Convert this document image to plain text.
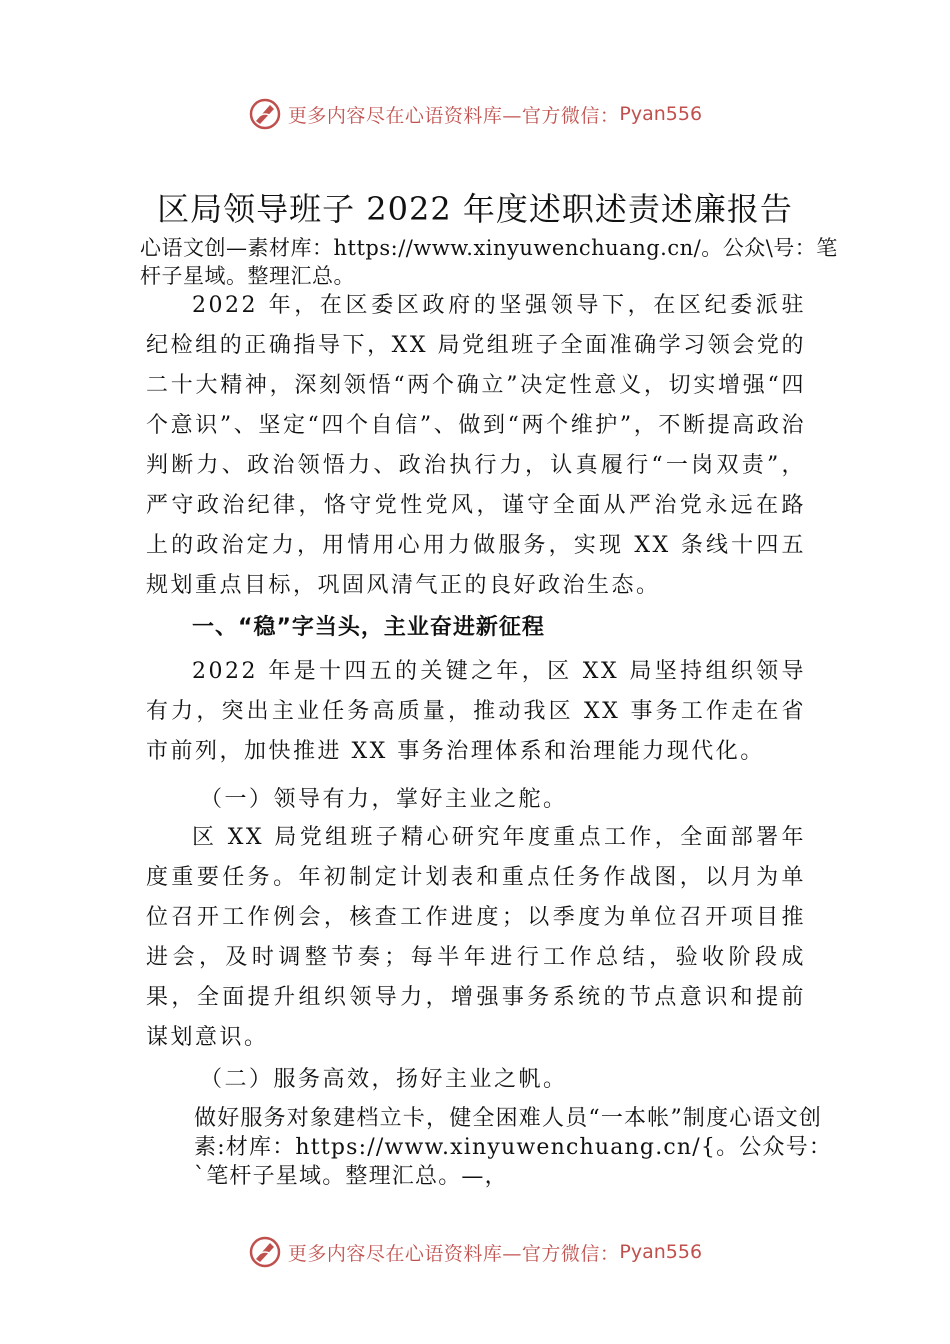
更多内容尽在心语资料库—官方微信： Pyan556
区局领导班子 2022 年度述职述责述廉报告
心语文创—素材库：https://www.xinyuwenchuang.cn/。公众\号：笔杆子星域。整理汇总。
2022 年，在区委区政府的坚强领导下，在区纪委派驻纪检组的正确指导下，XX 局党组班子全面准确学习领会党的二十大精神，深刻领悟“两个确立”决定性意义，切实增强“四个意识”、坚定“四个自信”、做到“两个维护”，不断提高政治判断力、政治领悟力、政治执行力，认真履行“一岗双责”，严守政治纪律，恪守党性党风，谨守全面从严治党永远在路上的政治定力，用情用心用力做服务，实现 XX 条线十四五规划重点目标，巩固风清气正的良好政治生态。
一、“稳”字当头，主业奋进新征程
2022 年是十四五的关键之年，区 XX 局坚持组织领导有力，突出主业任务高质量，推动我区 XX 事务工作走在省市前列，加快推进 XX 事务治理体系和治理能力现代化。
（一）领导有力，掌好主业之舵。
区 XX 局党组班子精心研究年度重点工作，全面部署年度重要任务。年初制定计划表和重点任务作战图，以月为单位召开工作例会，核查工作进度；以季度为单位召开项目推进会，及时调整节奏；每半年进行工作总结，验收阶段成果，全面提升组织领导力，增强事务系统的节点意识和提前谋划意识。
（二）服务高效，扬好主业之帆。
做好服务对象建档立卡，健全困难人员“一本帐”制度心语文创素:材库：https://www.xinyuwenchuang.cn/{。公众号：`笔杆子星域。整理汇总。—，
更多内容尽在心语资料库—官方微信： Pyan556
